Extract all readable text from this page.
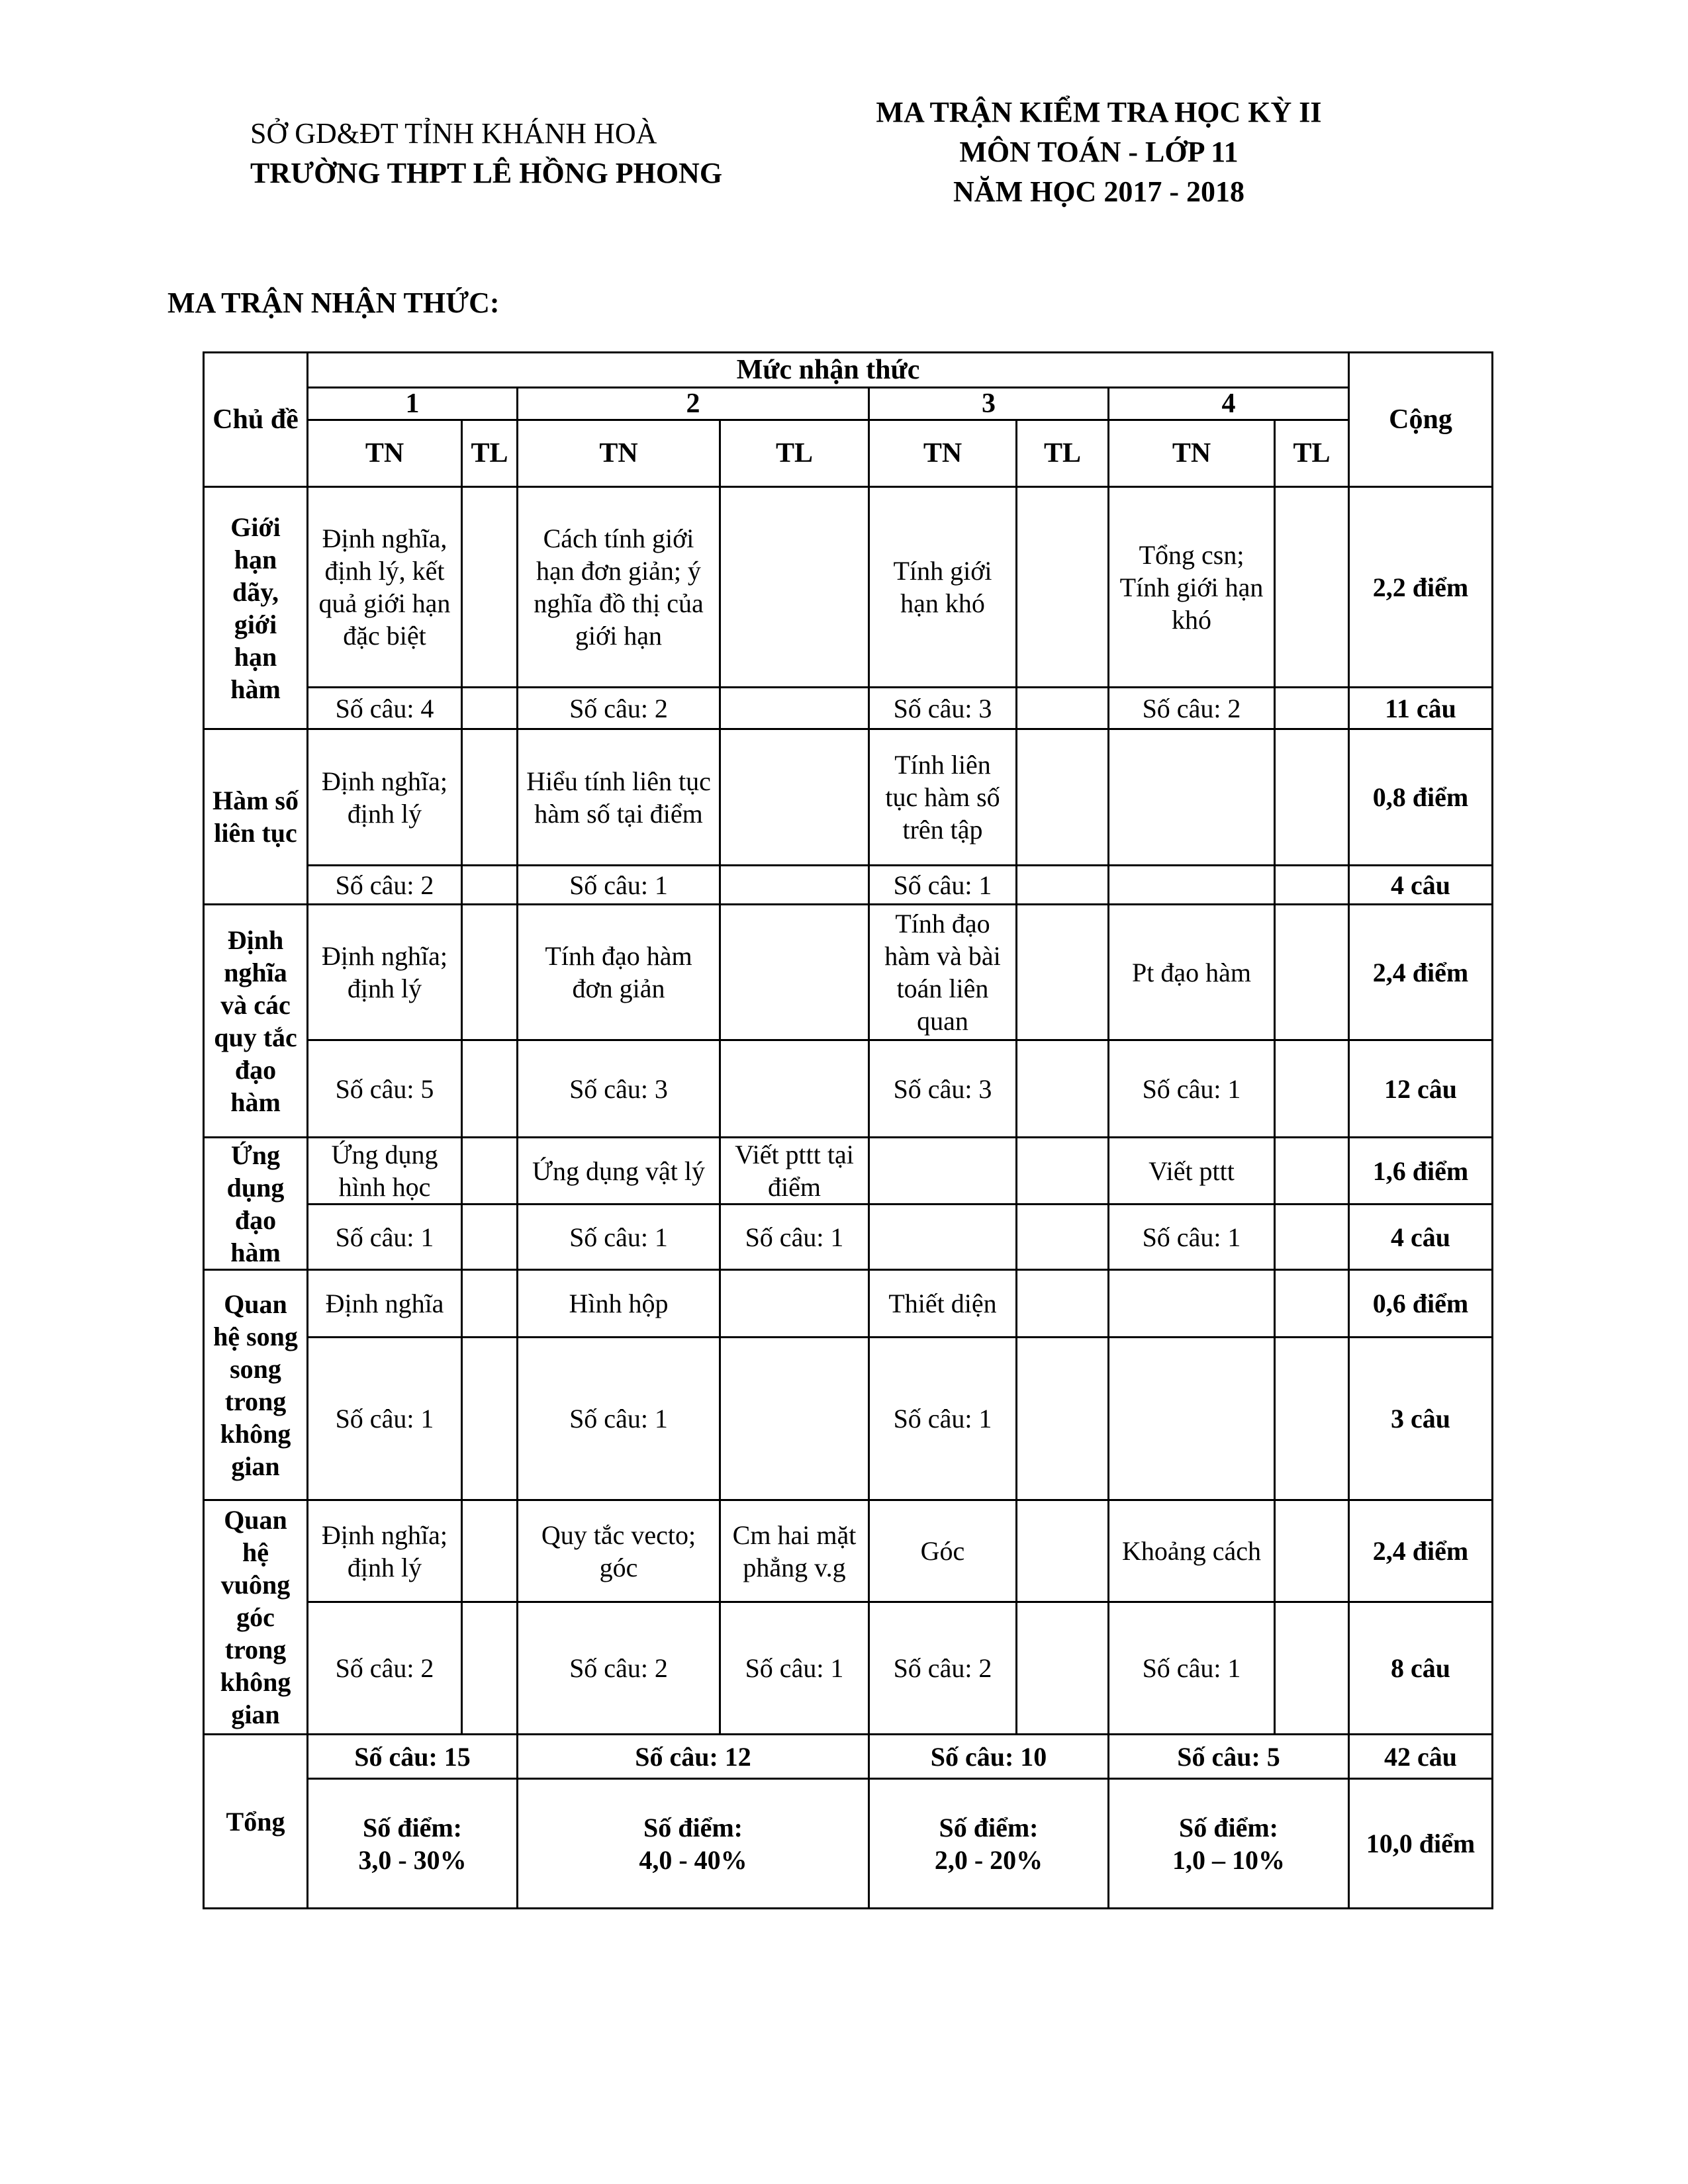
SỞ GD&ĐT TỈNH KHÁNH HOÀ
TRƯỜNG THPT LÊ HỒNG PHONG
MA TRẬN KIỂM TRA HỌC KỲ II
MÔN TOÁN - LỚP 11
NĂM HỌC 2017 - 2018
MA TRẬN NHẬN THỨC:
Chủ đề	Mức nhận thức								Cộng

1		2		3		4		

TN	TL	TN	TL	TN	TL	TN	TL	

Giới hạn dãy, giới hạn hàm	Định nghĩa, định lý, kết quả giới hạn đặc biệt		Cách tính giới hạn đơn giản; ý nghĩa đồ thị của giới hạn		Tính giới hạn khó		Tổng csn; Tính giới hạn khó		2,2 điểm

Số câu: 4		Số câu: 2		Số câu: 3		Số câu: 2		11 câu

Hàm số liên tục	Định nghĩa; định lý		Hiểu tính liên tục hàm số tại điểm		Tính liên tục hàm số trên tập				0,8 điểm

Số câu: 2		Số câu: 1		Số câu: 1				4 câu

Định nghĩa và các quy tắc đạo hàm	Định nghĩa; định lý		Tính đạo hàm đơn giản		Tính đạo hàm và bài toán liên quan		Pt đạo hàm		2,4 điểm

Số câu: 5		Số câu: 3		Số câu: 3		Số câu: 1		12 câu

Ứng dụng đạo hàm	Ứng dụng hình học		Ứng dụng vật lý	Viết pttt tại điểm			Viết pttt		1,6 điểm

Số câu: 1		Số câu: 1	Số câu: 1			Số câu: 1		4 câu

Quan hệ song song trong không gian	Định nghĩa		Hình hộp		Thiết diện				0,6 điểm

Số câu: 1		Số câu: 1		Số câu: 1				3 câu

Quan hệ vuông góc trong không gian	Định nghĩa; định lý		Quy tắc vecto; góc	Cm hai mặt phẳng v.g	Góc		Khoảng cách		2,4 điểm

Số câu: 2		Số câu: 2	Số câu: 1	Số câu: 2		Số câu: 1		8 câu

Tổng	Số câu: 15		Số câu: 12		Số câu: 10		Số câu: 5		42 câu

	Số điểm:
3,0 - 30%		Số điểm:
4,0 - 40%		Số điểm:
2,0 - 20%		Số điểm:
1,0 – 10%		10,0 điểm
